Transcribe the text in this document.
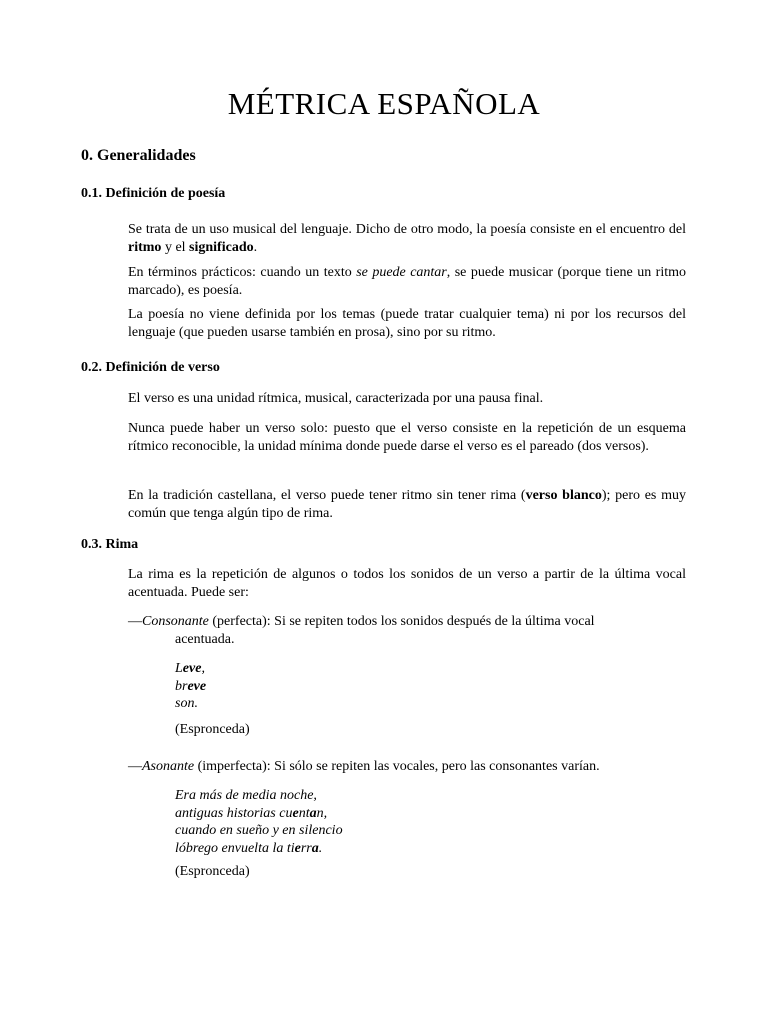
MÉTRICA ESPAÑOLA
0. Generalidades
0.1. Definición de poesía

Se trata de un uso musical del lenguaje. Dicho de otro modo, la poesía consiste en el encuentro del ritmo y el significado.

En términos prácticos: cuando un texto se puede cantar, se puede musicar (porque tiene un ritmo marcado), es poesía.

La poesía no viene definida por los temas (puede tratar cualquier tema) ni por los recursos del lenguaje (que pueden usarse también en prosa), sino por su ritmo.

0.2. Definición de verso

El verso es una unidad rítmica, musical, caracterizada por una pausa final.

Nunca puede haber un verso solo: puesto que el verso consiste en la repetición de un esquema rítmico reconocible, la unidad mínima donde puede darse el verso es el pareado (dos versos).

En la tradición castellana, el verso puede tener ritmo sin tener rima (verso blanco); pero es muy común que tenga algún tipo de rima.

0.3. Rima

La rima es la repetición de algunos o todos los sonidos de un verso a partir de la última vocal acentuada. Puede ser:

—Consonante (perfecta): Si se repiten todos los sonidos después de la última vocal
acentuada.

Leve,
breve
son.

(Espronceda)

—Asonante (imperfecta): Si sólo se repiten las vocales, pero las consonantes varían.

Era más de media noche,
antiguas historias cuentan,
cuando en sueño y en silencio
lóbrego envuelta la tierra.

(Espronceda)
